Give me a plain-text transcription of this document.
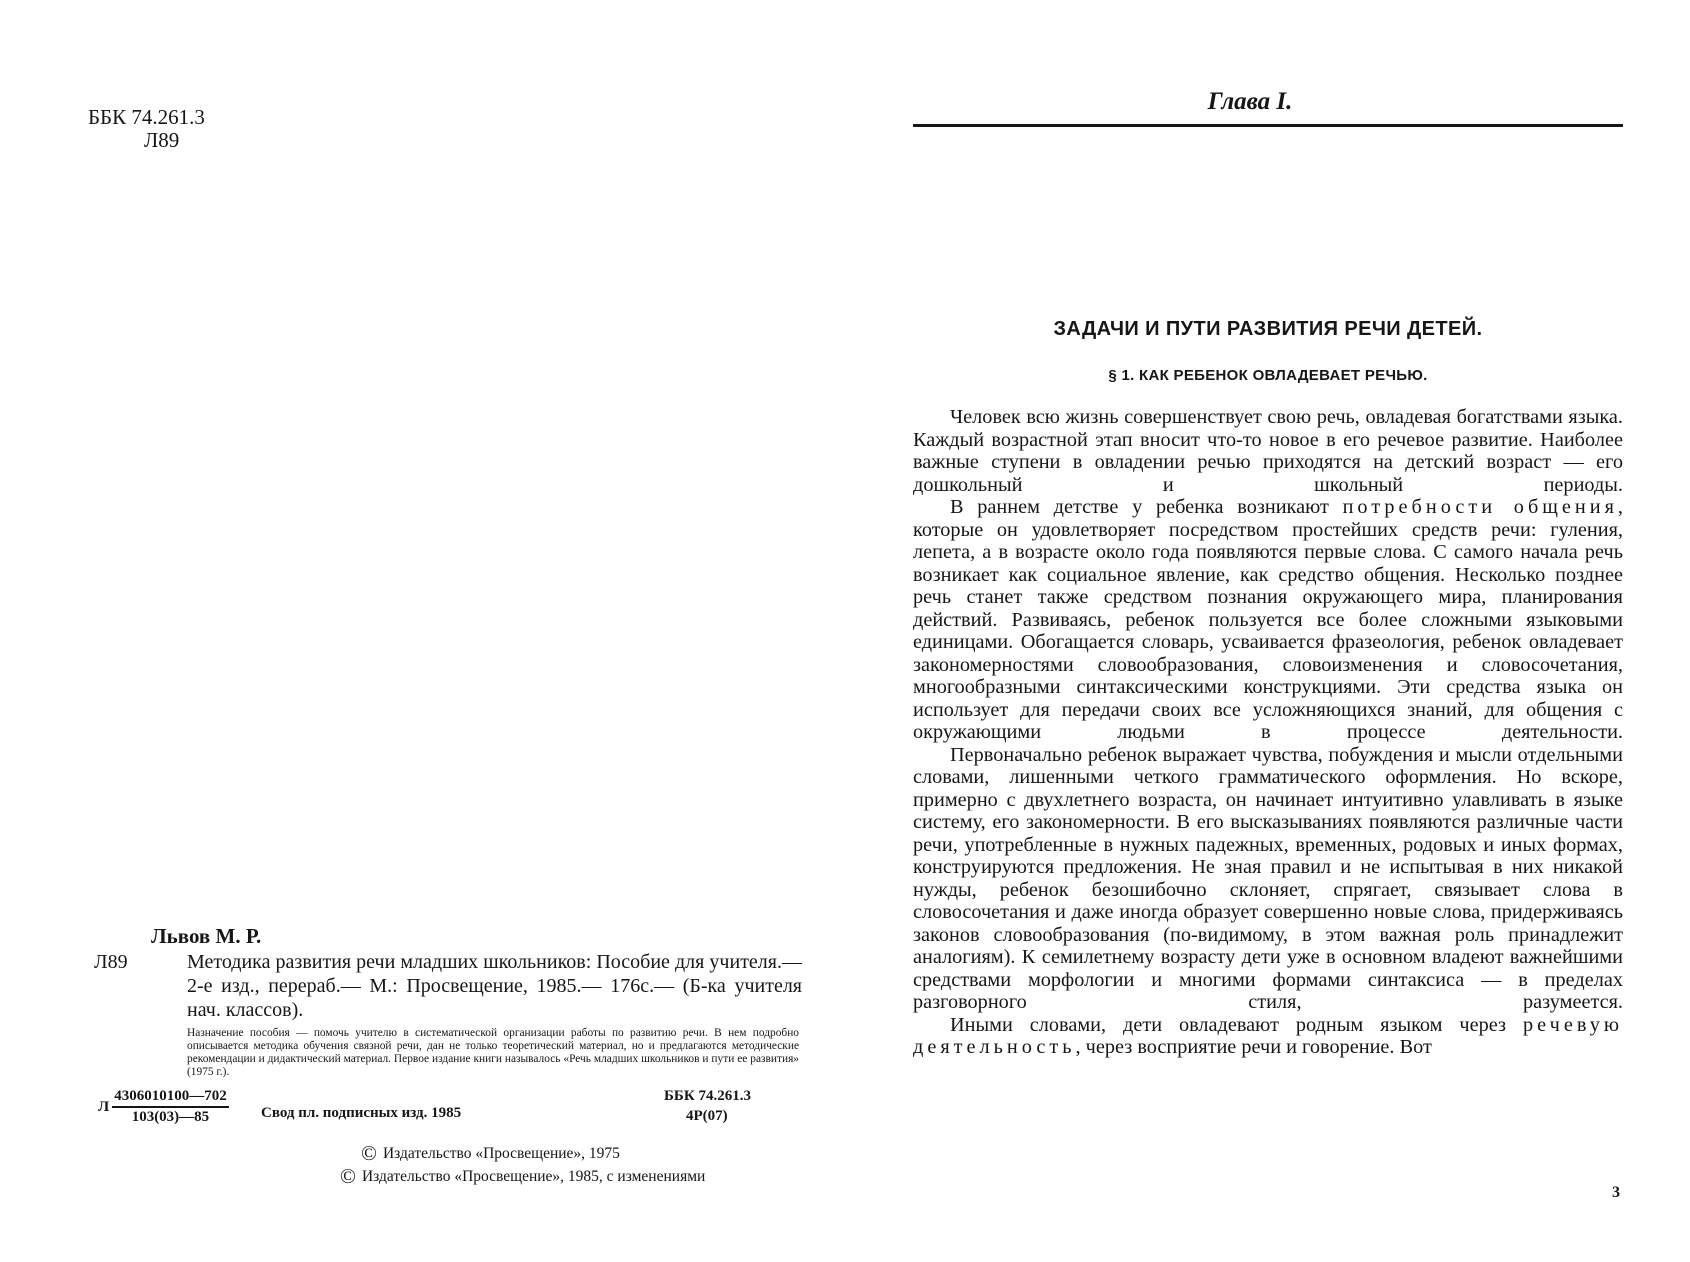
ББК 74.261.3
Л89
Львов М. Р.
Л89	Методика развития речи младших школьников: Пособие для учителя.— 2-е изд., перераб.— М.: Просвещение, 1985.— 176с.— (Б-ка учителя нач. классов).
Назначение пособия — помочь учителю в систематической организации работы по развитию речи. В нем подробно описывается методика обучения связной речи, дан не только теоретический материал, но и предлагаются методические рекомендации и дидактический материал. Первое издание книги называлось «Речь младших школьников и пути ее развития» (1975 г.).
Л $\frac{4306010100—702}{103(03)—85}$ Свод пл. подписных изд. 1985
ББК 74.261.3
4Р(07)
© Издательство «Просвещение», 1975
© Издательство «Просвещение», 1985, с изменениями
Глава I.
ЗАДАЧИ И ПУТИ РАЗВИТИЯ РЕЧИ ДЕТЕЙ.
§ 1. КАК РЕБЕНОК ОВЛАДЕВАЕТ РЕЧЬЮ.

Человек всю жизнь совершенствует свою речь, овладевая богатствами языка. Каждый возрастной этап вносит что-то новое в его речевое развитие. Наиболее важные ступени в овладении речью приходятся на детский возраст — его дошкольный и школьный периоды.

В раннем детстве у ребенка возникают потребности общения, которые он удовлетворяет посредством простейших средств речи: гуления, лепета, а в возрасте около года появляются первые слова. С самого начала речь возникает как социальное явление, как средство общения. Несколько позднее речь станет также средством познания окружающего мира, планирования действий. Развиваясь, ребенок пользуется все более сложными языковыми единицами. Обогащается словарь, усваивается фразеология, ребенок овладевает закономерностями словообразования, словоизменения и словосочетания, многообразными синтаксическими конструкциями. Эти средства языка он использует для передачи своих все усложняющихся знаний, для общения с окружающими людьми в процессе деятельности.

Первоначально ребенок выражает чувства, побуждения и мысли отдельными словами, лишенными четкого грамматического оформления. Но вскоре, примерно с двухлетнего возраста, он начинает интуитивно улавливать в языке систему, его закономерности. В его высказываниях появляются различные части речи, употребленные в нужных падежных, временных, родовых и иных формах, конструируются предложения. Не зная правил и не испытывая в них никакой нужды, ребенок безошибочно склоняет, спрягает, связывает слова в словосочетания и даже иногда образует совершенно новые слова, придерживаясь законов словообразования (по-видимому, в этом важная роль принадлежит аналогиям). К семилетнему возрасту дети уже в основном владеют важнейшими средствами морфологии и многими формами синтаксиса — в пределах разговорного стиля, разумеется.

Иными словами, дети овладевают родным языком через речевую деятельность, через восприятие речи и говорение. Вот

3
